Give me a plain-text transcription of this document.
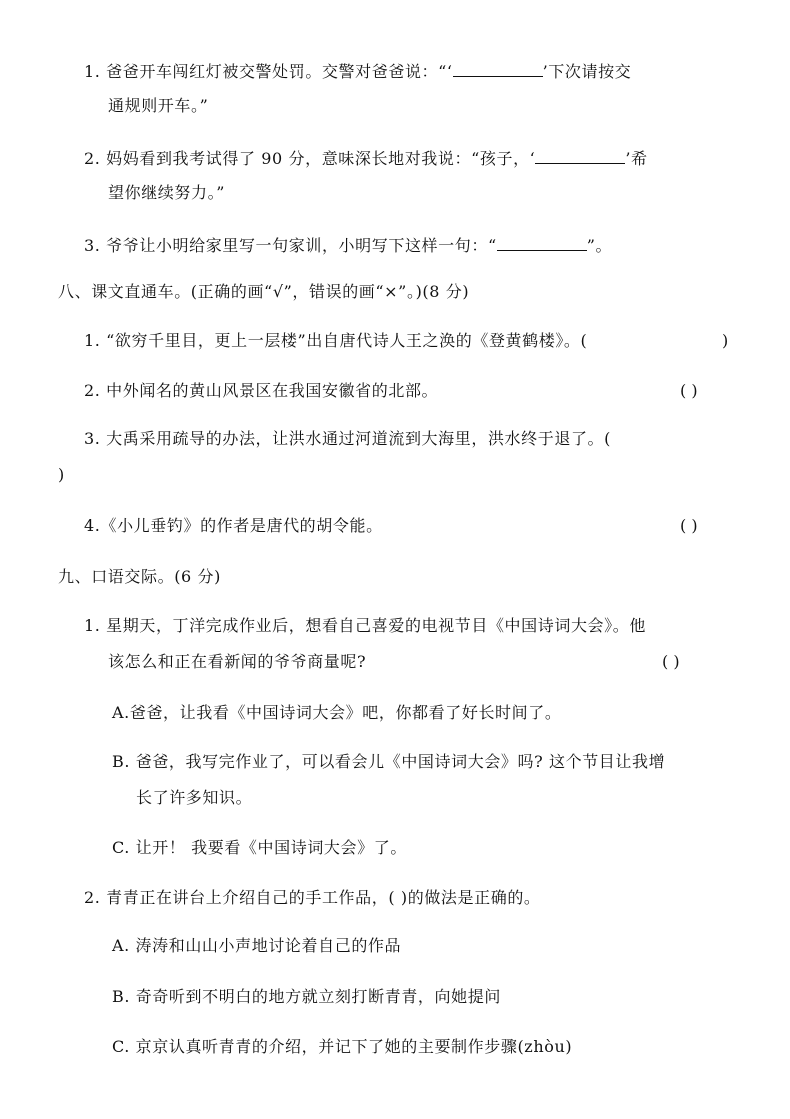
1. 爸爸开车闯红灯被交警处罚。交警对爸爸说：“‘	’下次请按交
通规则开车。”
2. 妈妈看到我考试得了 90 分，意味深长地对我说：“孩子，‘	’希
望你继续努力。”
3. 爷爷让小明给家里写一句家训，小明写下这样一句：“	”。
八、课文直通车。(正确的画“√”，错误的画“×”。)(8 分)
1. “欲穷千里目，更上一层楼”出自唐代诗人王之涣的《登黄鹤楼》。(	)
2. 中外闻名的黄山风景区在我国安徽省的北部。	( )
3. 大禹采用疏导的办法，让洪水通过河道流到大海里，洪水终于退了。(
)
4.《小儿垂钓》的作者是唐代的胡令能。	( )
九、口语交际。(6 分)
1. 星期天，丁洋完成作业后，想看自己喜爱的电视节目《中国诗词大会》。他
该怎么和正在看新闻的爷爷商量呢?	( )
A.爸爸，让我看《中国诗词大会》吧，你都看了好长时间了。
B. 爸爸，我写完作业了，可以看会儿《中国诗词大会》吗? 这个节目让我增
长了许多知识。
C. 让开！ 我要看《中国诗词大会》了。
2. 青青正在讲台上介绍自己的手工作品，( )的做法是正确的。
A. 涛涛和山山小声地讨论着自己的作品
B. 奇奇听到不明白的地方就立刻打断青青，向她提问
C. 京京认真听青青的介绍，并记下了她的主要制作步骤(zhòu)
